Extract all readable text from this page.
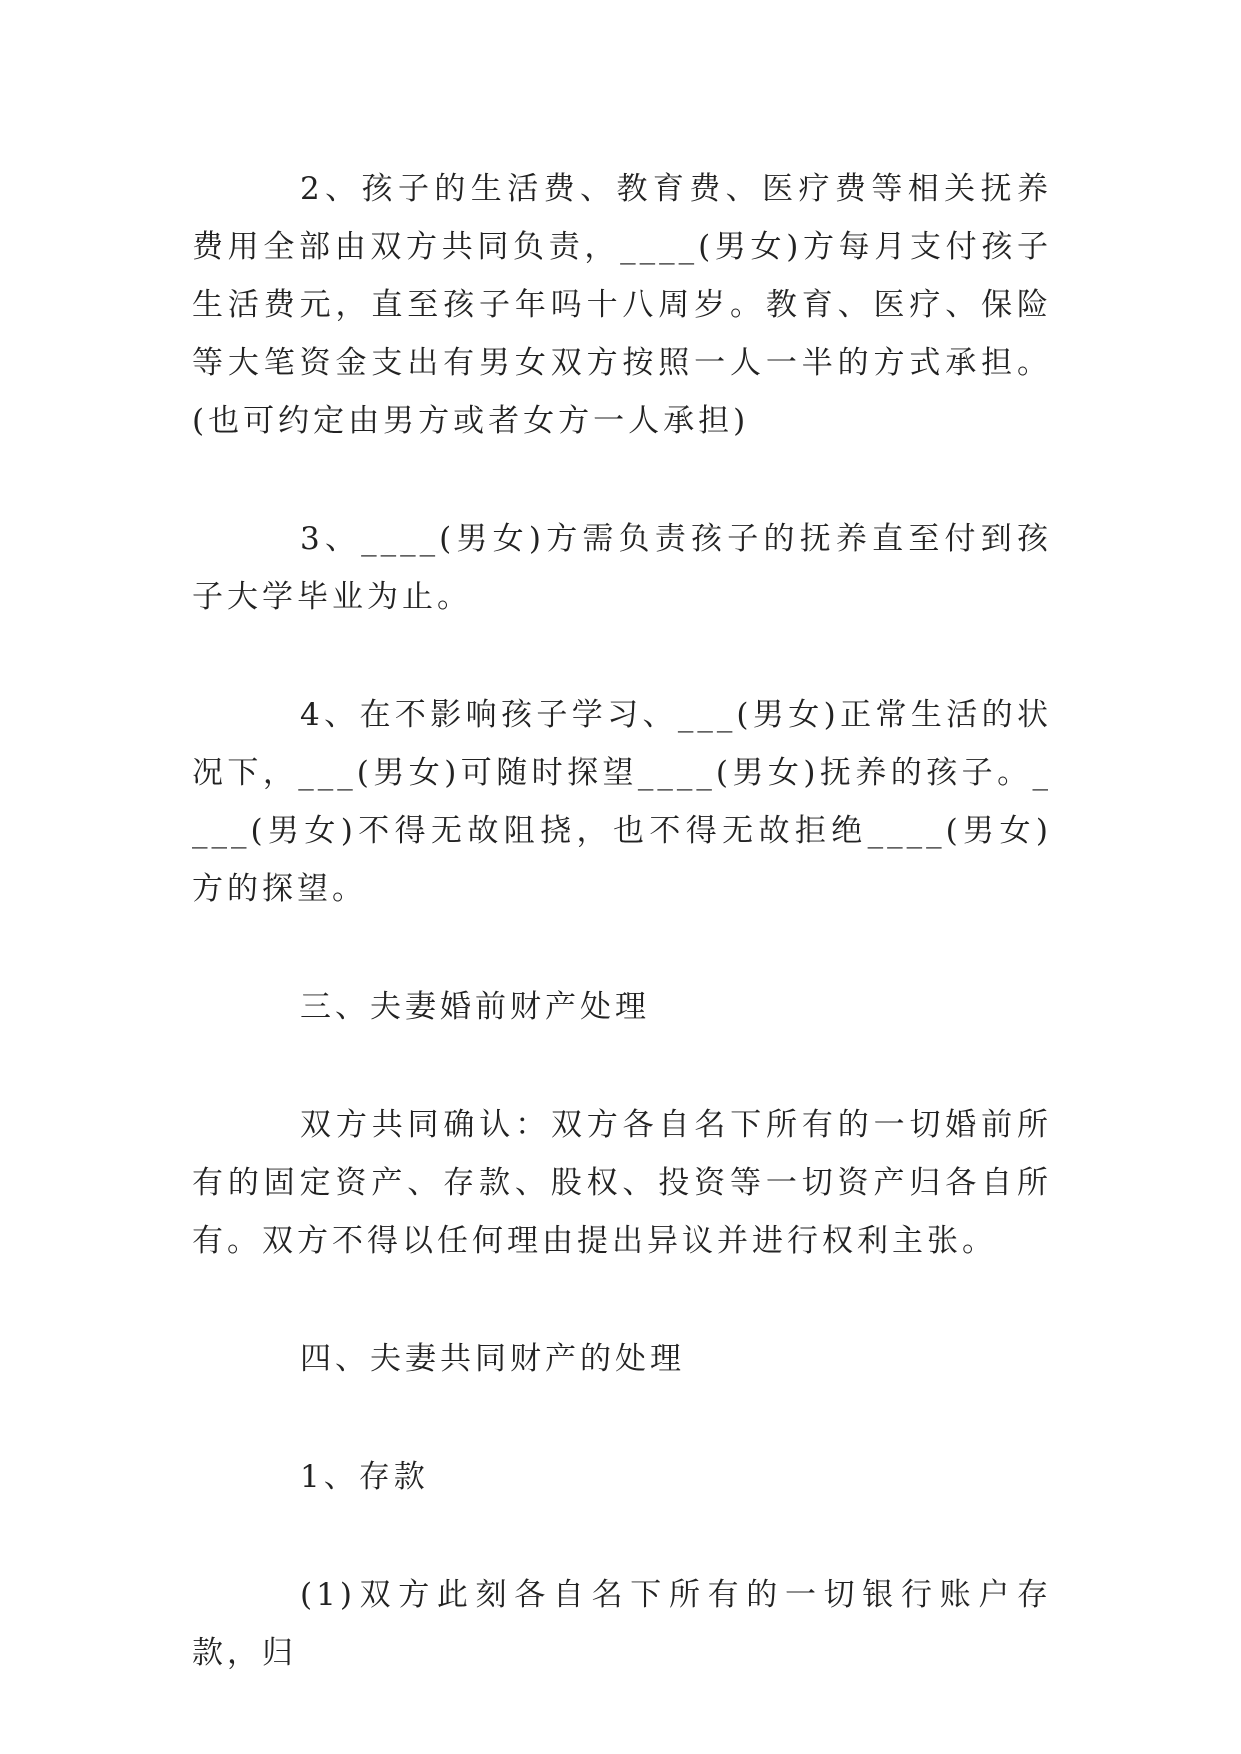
2、孩子的生活费、教育费、医疗费等相关抚养费用全部由双方共同负责，____(男女)方每月支付孩子生活费元，直至孩子年吗十八周岁。教育、医疗、保险等大笔资金支出有男女双方按照一人一半的方式承担。(也可约定由男方或者女方一人承担)

3、____(男女)方需负责孩子的抚养直至付到孩子大学毕业为止。

4、在不影响孩子学习、___(男女)正常生活的状况下，___(男女)可随时探望____(男女)抚养的孩子。____(男女)不得无故阻挠，也不得无故拒绝____(男女)方的探望。

三、夫妻婚前财产处理

双方共同确认：双方各自名下所有的一切婚前所有的固定资产、存款、股权、投资等一切资产归各自所有。双方不得以任何理由提出异议并进行权利主张。

四、夫妻共同财产的处理

1、存款

(1)双方此刻各自名下所有的一切银行账户存款，归
